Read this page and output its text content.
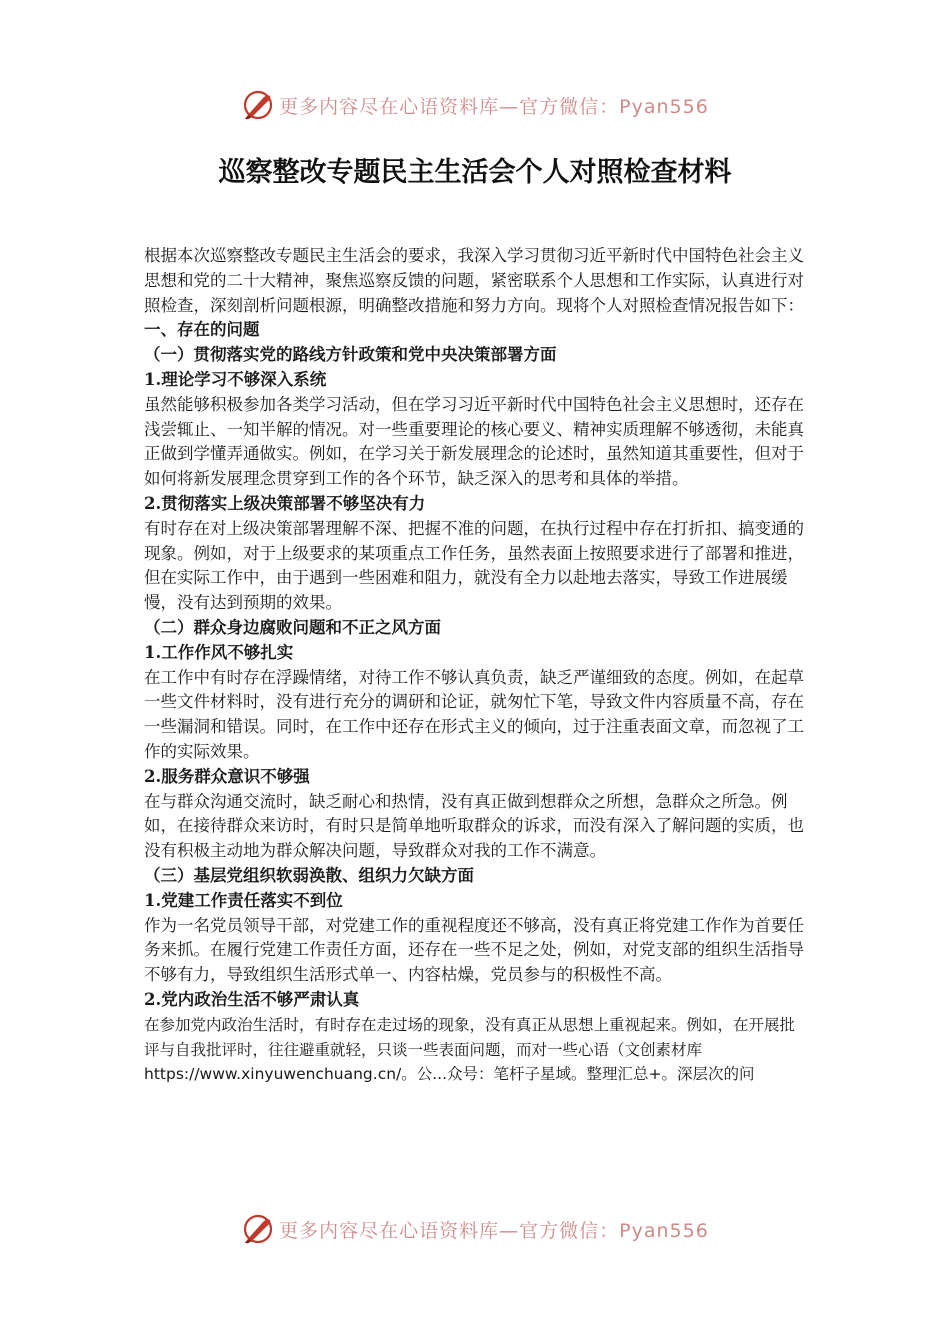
更多内容尽在心语资料库—官方微信：Pyan556
巡察整改专题民主生活会个人对照检查材料

根据本次巡察整改专题民主生活会的要求，我深入学习贯彻习近平新时代中国特色社会主义思想和党的二十大精神，聚焦巡察反馈的问题，紧密联系个人思想和工作实际，认真进行对照检查，深刻剖析问题根源，明确整改措施和努力方向。现将个人对照检查情况报告如下：

一、存在的问题

（一）贯彻落实党的路线方针政策和党中央决策部署方面

1.理论学习不够深入系统

虽然能够积极参加各类学习活动，但在学习习近平新时代中国特色社会主义思想时，还存在浅尝辄止、一知半解的情况。对一些重要理论的核心要义、精神实质理解不够透彻，未能真正做到学懂弄通做实。例如，在学习关于新发展理念的论述时，虽然知道其重要性，但对于如何将新发展理念贯穿到工作的各个环节，缺乏深入的思考和具体的举措。

2.贯彻落实上级决策部署不够坚决有力

有时存在对上级决策部署理解不深、把握不准的问题，在执行过程中存在打折扣、搞变通的现象。例如，对于上级要求的某项重点工作任务，虽然表面上按照要求进行了部署和推进，但在实际工作中，由于遇到一些困难和阻力，就没有全力以赴地去落实，导致工作进展缓慢，没有达到预期的效果。

（二）群众身边腐败问题和不正之风方面

1.工作作风不够扎实

在工作中有时存在浮躁情绪，对待工作不够认真负责，缺乏严谨细致的态度。例如，在起草一些文件材料时，没有进行充分的调研和论证，就匆忙下笔，导致文件内容质量不高，存在一些漏洞和错误。同时，在工作中还存在形式主义的倾向，过于注重表面文章，而忽视了工作的实际效果。

2.服务群众意识不够强

在与群众沟通交流时，缺乏耐心和热情，没有真正做到想群众之所想，急群众之所急。例如，在接待群众来访时，有时只是简单地听取群众的诉求，而没有深入了解问题的实质，也没有积极主动地为群众解决问题，导致群众对我的工作不满意。

（三）基层党组织软弱涣散、组织力欠缺方面

1.党建工作责任落实不到位

作为一名党员领导干部，对党建工作的重视程度还不够高，没有真正将党建工作作为首要任务来抓。在履行党建工作责任方面，还存在一些不足之处，例如，对党支部的组织生活指导不够有力，导致组织生活形式单一、内容枯燥，党员参与的积极性不高。

2.党内政治生活不够严肃认真

在参加党内政治生活时，有时存在走过场的现象，没有真正从思想上重视起来。例如，在开展批评与自我批评时，往往避重就轻，只谈一些表面问题，而对一些心语（文创素材库https://www.xinyuwenchuang.cn/。公...众号：笔杆子星域。整理汇总+。深层次的问

更多内容尽在心语资料库—官方微信：Pyan556
